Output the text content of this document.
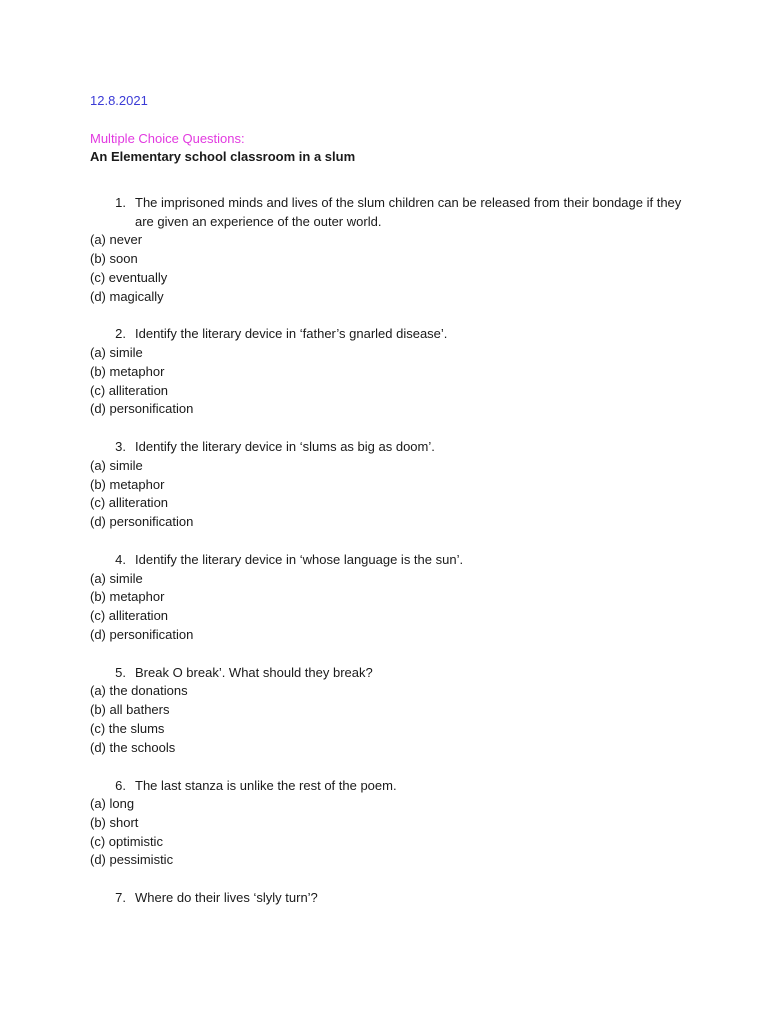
12.8.2021
Multiple Choice Questions:
An Elementary school classroom in a slum
1. The imprisoned minds and lives of the slum children can be released from their bondage if they are given an experience of the outer world.
(a) never
(b) soon
(c) eventually
(d) magically
2. Identify the literary device in ‘father’s gnarled disease’.
(a) simile
(b) metaphor
(c) alliteration
(d) personification
3. Identify the literary device in ‘slums as big as doom’.
(a) simile
(b) metaphor
(c) alliteration
(d) personification
4. Identify the literary device in ‘whose language is the sun’.
(a) simile
(b) metaphor
(c) alliteration
(d) personification
5. Break O break’. What should they break?
(a) the donations
(b) all bathers
(c) the slums
(d) the schools
6. The last stanza is unlike the rest of the poem.
(a) long
(b) short
(c) optimistic
(d) pessimistic
7. Where do their lives ‘slyly turn’?
